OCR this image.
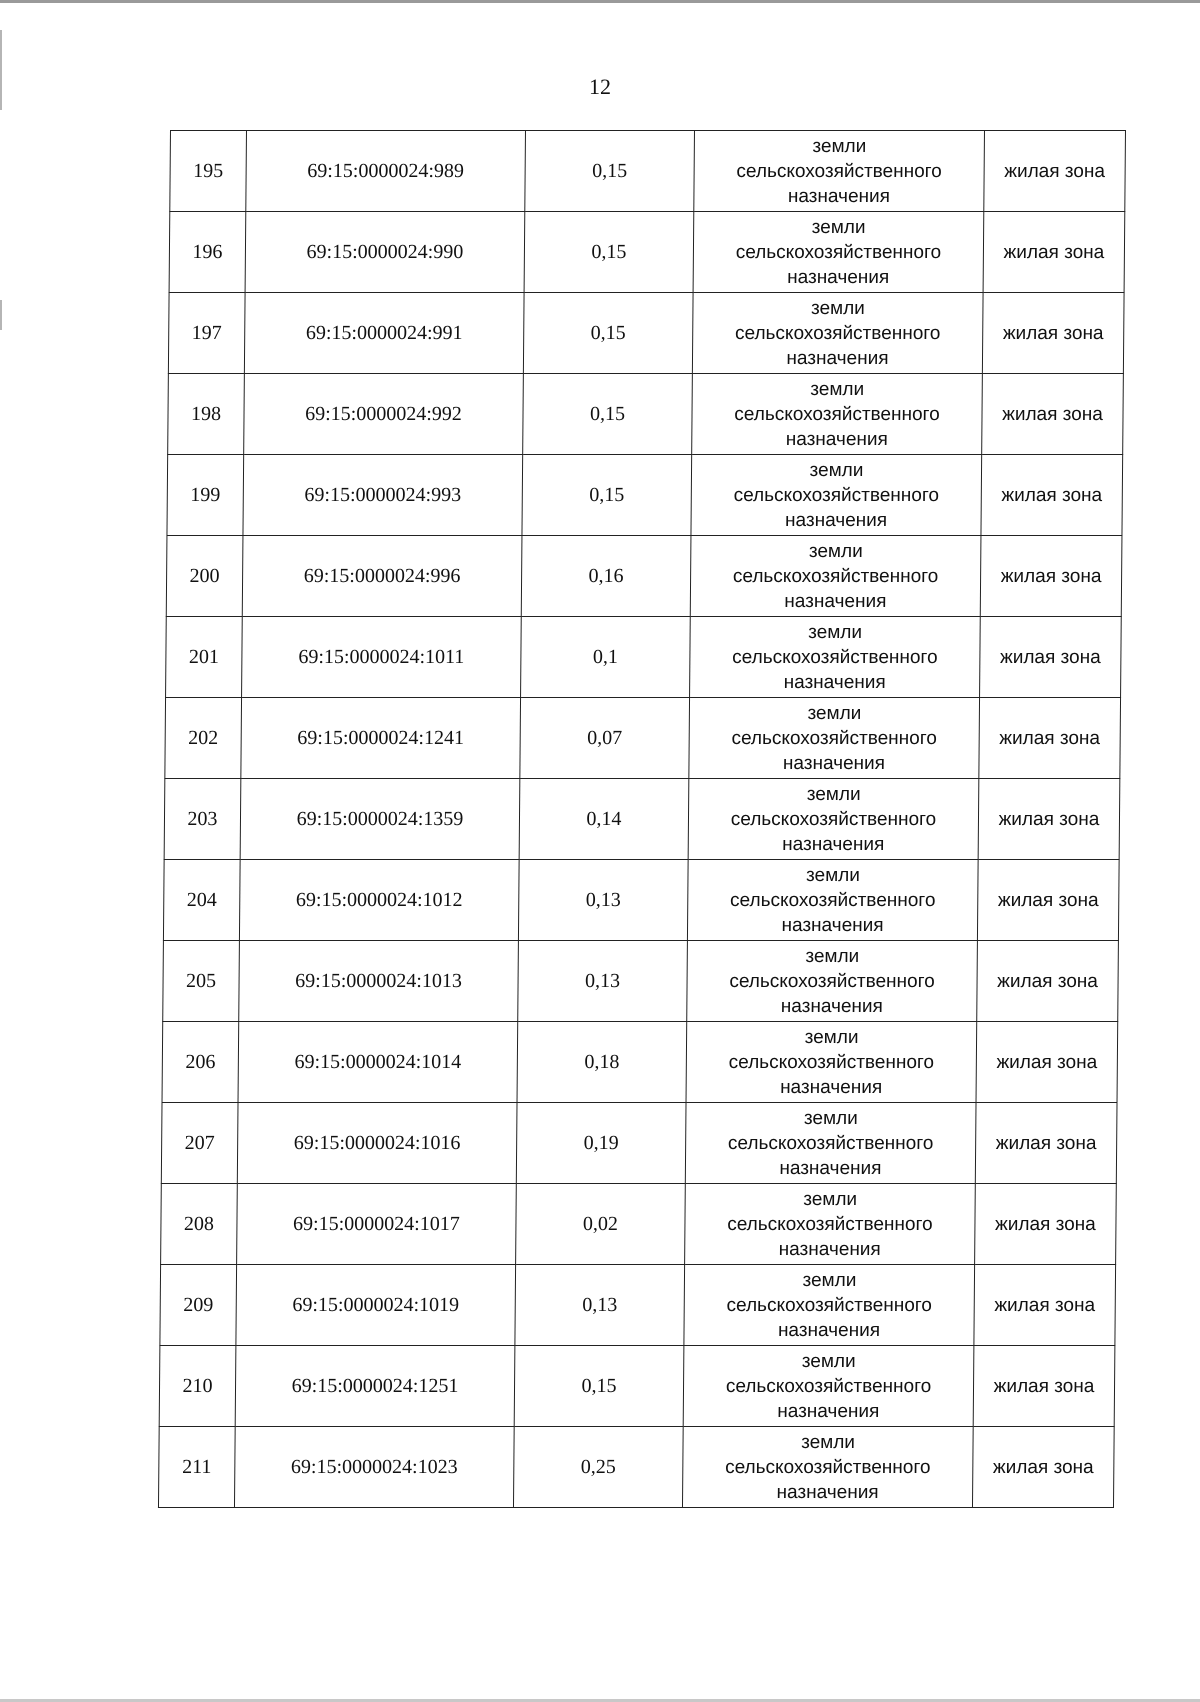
12
195	69:15:0000024:989	0,15	земли
сельскохозяйственного
назначения	жилая зона
196	69:15:0000024:990	0,15	земли
сельскохозяйственного
назначения	жилая зона
197	69:15:0000024:991	0,15	земли
сельскохозяйственного
назначения	жилая зона
198	69:15:0000024:992	0,15	земли
сельскохозяйственного
назначения	жилая зона
199	69:15:0000024:993	0,15	земли
сельскохозяйственного
назначения	жилая зона
200	69:15:0000024:996	0,16	земли
сельскохозяйственного
назначения	жилая зона
201	69:15:0000024:1011	0,1	земли
сельскохозяйственного
назначения	жилая зона
202	69:15:0000024:1241	0,07	земли
сельскохозяйственного
назначения	жилая зона
203	69:15:0000024:1359	0,14	земли
сельскохозяйственного
назначения	жилая зона
204	69:15:0000024:1012	0,13	земли
сельскохозяйственного
назначения	жилая зона
205	69:15:0000024:1013	0,13	земли
сельскохозяйственного
назначения	жилая зона
206	69:15:0000024:1014	0,18	земли
сельскохозяйственного
назначения	жилая зона
207	69:15:0000024:1016	0,19	земли
сельскохозяйственного
назначения	жилая зона
208	69:15:0000024:1017	0,02	земли
сельскохозяйственного
назначения	жилая зона
209	69:15:0000024:1019	0,13	земли
сельскохозяйственного
назначения	жилая зона
210	69:15:0000024:1251	0,15	земли
сельскохозяйственного
назначения	жилая зона
211	69:15:0000024:1023	0,25	земли
сельскохозяйственного
назначения	жилая зона
